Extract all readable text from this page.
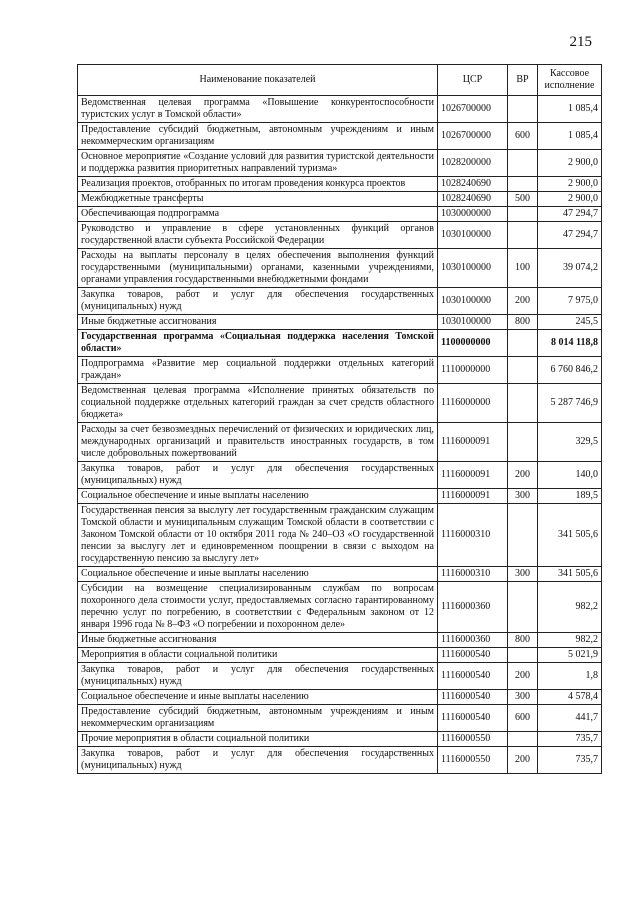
215
Наименование показателей	ЦСР	ВР	Кассовое исполнение
Ведомственная целевая программа «Повышение конкурентоспособности туристских услуг в Томской области»	1026700000		1 085,4
Предоставление субсидий бюджетным, автономным учреждениям и иным некоммерческим организациям	1026700000	600	1 085,4
Основное мероприятие «Создание условий для развития туристской деятельности и поддержка развития приоритетных направлений туризма»	1028200000		2 900,0
Реализация проектов, отобранных по итогам проведения конкурса проектов	1028240690		2 900,0
Межбюджетные трансферты	1028240690	500	2 900,0
Обеспечивающая подпрограмма	1030000000		47 294,7
Руководство и управление в сфере установленных функций органов государственной власти субъекта Российской Федерации	1030100000		47 294,7
Расходы на выплаты персоналу в целях обеспечения выполнения функций государственными (муниципальными) органами, казенными учреждениями, органами управления государственными внебюджетными фондами	1030100000	100	39 074,2
Закупка товаров, работ и услуг для обеспечения государственных (муниципальных) нужд	1030100000	200	7 975,0
Иные бюджетные ассигнования	1030100000	800	245,5
Государственная программа «Социальная поддержка населения Томской области»	1100000000		8 014 118,8
Подпрограмма «Развитие мер социальной поддержки отдельных категорий граждан»	1110000000		6 760 846,2
Ведомственная целевая программа «Исполнение принятых обязательств по социальной поддержке отдельных категорий граждан за счет средств областного бюджета»	1116000000		5 287 746,9
Расходы за счет безвозмездных перечислений от физических и юридических лиц, международных организаций и правительств иностранных государств, в том числе добровольных пожертвований	1116000091		329,5
Закупка товаров, работ и услуг для обеспечения государственных (муниципальных) нужд	1116000091	200	140,0
Социальное обеспечение и иные выплаты населению	1116000091	300	189,5
Государственная пенсия за выслугу лет государственным гражданским служащим Томской области и муниципальным служащим Томской области в соответствии с Законом Томской области от 10 октября 2011 года № 240–ОЗ «О государственной пенсии за выслугу лет и единовременном поощрении в связи с выходом на государственную пенсию за выслугу лет»	1116000310		341 505,6
Социальное обеспечение и иные выплаты населению	1116000310	300	341 505,6
Субсидии на возмещение специализированным службам по вопросам похоронного дела стоимости услуг, предоставляемых согласно гарантированному перечню услуг по погребению, в соответствии с Федеральным законом от 12 января 1996 года № 8–ФЗ «О погребении и похоронном деле»	1116000360		982,2
Иные бюджетные ассигнования	1116000360	800	982,2
Мероприятия в области социальной политики	1116000540		5 021,9
Закупка товаров, работ и услуг для обеспечения государственных (муниципальных) нужд	1116000540	200	1,8
Социальное обеспечение и иные выплаты населению	1116000540	300	4 578,4
Предоставление субсидий бюджетным, автономным учреждениям и иным некоммерческим организациям	1116000540	600	441,7
Прочие мероприятия в области социальной политики	1116000550		735,7
Закупка товаров, работ и услуг для обеспечения государственных (муниципальных) нужд	1116000550	200	735,7
